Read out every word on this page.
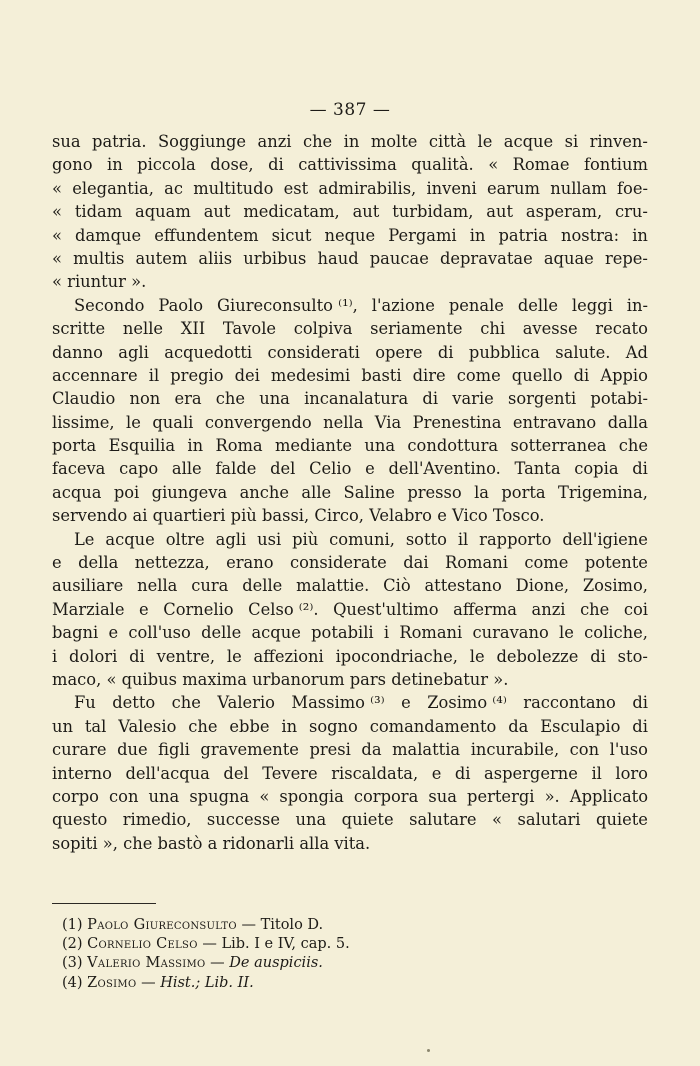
— 387 —
sua patria. Soggiunge anzi che in molte città le acque si rinven-
gono in piccola dose, di cattivissima qualità. « Romae fontium
« elegantia, ac multitudo est admirabilis, inveni earum nullam foe-
« tidam aquam aut medicatam, aut turbidam, aut asperam, cru-
« damque effundentem sicut neque Pergami in patria nostra: in
« multis autem aliis urbibus haud paucae depravatae aquae repe-
« riuntur ».
Secondo Paolo Giureconsulto ⁽¹⁾, l'azione penale delle leggi in-
scritte nelle XII Tavole colpiva seriamente chi avesse recato
danno agli acquedotti considerati opere di pubblica salute. Ad
accennare il pregio dei medesimi basti dire come quello di Appio
Claudio non era che una incanalatura di varie sorgenti potabi-
lissime, le quali convergendo nella Via Prenestina entravano dalla
porta Esquilia in Roma mediante una condottura sotterranea che
faceva capo alle falde del Celio e dell'Aventino. Tanta copia di
acqua poi giungeva anche alle Saline presso la porta Trigemina,
servendo ai quartieri più bassi, Circo, Velabro e Vico Tosco.
Le acque oltre agli usi più comuni, sotto il rapporto dell'igiene
e della nettezza, erano considerate dai Romani come potente
ausiliare nella cura delle malattie. Ciò attestano Dione, Zosimo,
Marziale e Cornelio Celso ⁽²⁾. Quest'ultimo afferma anzi che coi
bagni e coll'uso delle acque potabili i Romani curavano le coliche,
i dolori di ventre, le affezioni ipocondriache, le debolezze di sto-
maco, « quibus maxima urbanorum pars detinebatur ».
Fu detto che Valerio Massimo ⁽³⁾ e Zosimo ⁽⁴⁾ raccontano di
un tal Valesio che ebbe in sogno comandamento da Esculapio di
curare due figli gravemente presi da malattia incurabile, con l'uso
interno dell'acqua del Tevere riscaldata, e di aspergerne il loro
corpo con una spugna « spongia corpora sua pertergi ». Applicato
questo rimedio, successe una quiete salutare « salutari quiete
sopiti », che bastò a ridonarli alla vita.
(1) Paolo Giureconsulto — Titolo D.
(2) Cornelio Celso — Lib. I e IV, cap. 5.
(3) Valerio Massimo — De auspiciis.
(4) Zosimo — Hist.; Lib. II.
